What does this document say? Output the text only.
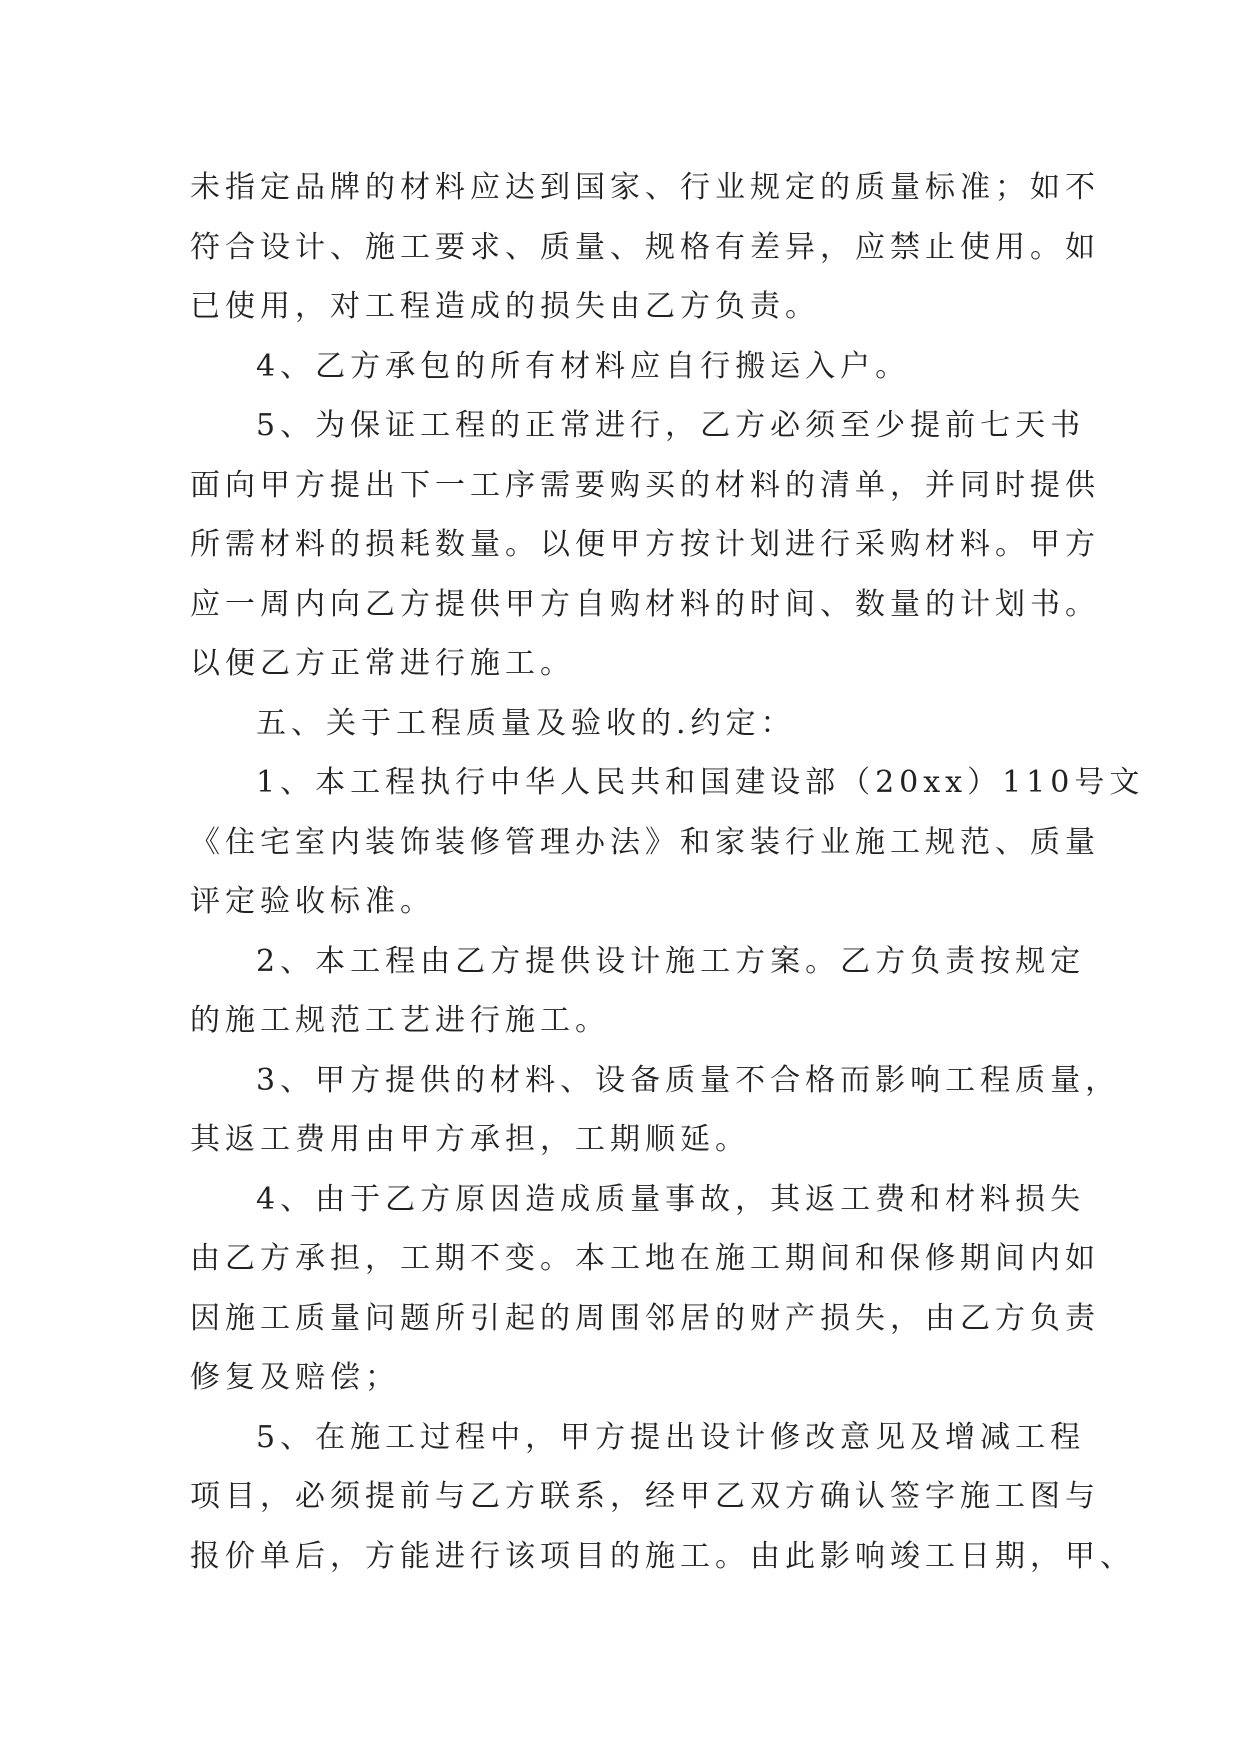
未指定品牌的材料应达到国家、行业规定的质量标准；如不
符合设计、施工要求、质量、规格有差异，应禁止使用。如
已使用，对工程造成的损失由乙方负责。
4、乙方承包的所有材料应自行搬运入户。
5、为保证工程的正常进行，乙方必须至少提前七天书
面向甲方提出下一工序需要购买的材料的清单，并同时提供
所需材料的损耗数量。以便甲方按计划进行采购材料。甲方
应一周内向乙方提供甲方自购材料的时间、数量的计划书。
以便乙方正常进行施工。
五、关于工程质量及验收的.约定：
1、本工程执行中华人民共和国建设部（20xx）110号文
《住宅室内装饰装修管理办法》和家装行业施工规范、质量
评定验收标准。
2、本工程由乙方提供设计施工方案。乙方负责按规定
的施工规范工艺进行施工。
3、甲方提供的材料、设备质量不合格而影响工程质量，
其返工费用由甲方承担，工期顺延。
4、由于乙方原因造成质量事故，其返工费和材料损失
由乙方承担，工期不变。本工地在施工期间和保修期间内如
因施工质量问题所引起的周围邻居的财产损失，由乙方负责
修复及赔偿；
5、在施工过程中，甲方提出设计修改意见及增减工程
项目，必须提前与乙方联系，经甲乙双方确认签字施工图与
报价单后，方能进行该项目的施工。由此影响竣工日期，甲、
